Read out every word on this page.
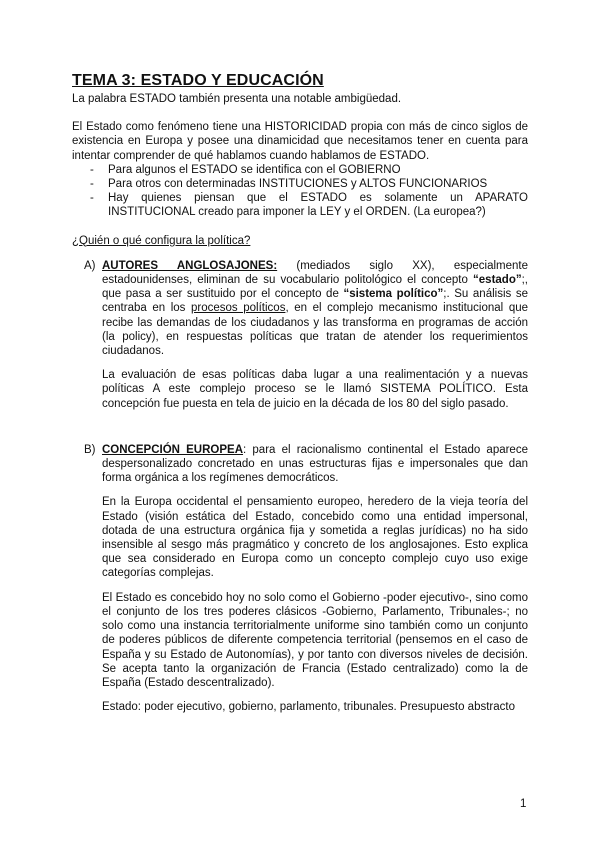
TEMA 3: ESTADO Y EDUCACIÓN

La palabra ESTADO también presenta una notable ambigüedad.

El Estado como fenómeno tiene una HISTORICIDAD propia con más de cinco siglos de existencia en Europa y posee una dinamicidad que necesitamos tener en cuenta para intentar comprender de qué hablamos cuando hablamos de ESTADO.

- Para algunos el ESTADO se identifica con el GOBIERNO
- Para otros con determinadas INSTITUCIONES y ALTOS FUNCIONARIOS
- Hay quienes piensan que el ESTADO es solamente un APARATO INSTITUCIONAL creado para imponer la LEY y el ORDEN. (La europea?)

¿Quién o qué configura la política?

A) AUTORES ANGLOSAJONES: (mediados siglo XX), especialmente estadounidenses, eliminan de su vocabulario politológico el concepto “estado”;, que pasa a ser sustituido por el concepto de “sistema político”;. Su análisis se centraba en los procesos políticos, en el complejo mecanismo institucional que recibe las demandas de los ciudadanos y las transforma en programas de acción (la policy), en respuestas políticas que tratan de atender los requerimientos ciudadanos.

La evaluación de esas políticas daba lugar a una realimentación y a nuevas políticas A este complejo proceso se le llamó SISTEMA POLÍTICO. Esta concepción fue puesta en tela de juicio en la década de los 80 del siglo pasado.

B) CONCEPCIÓN EUROPEA: para el racionalismo continental el Estado aparece despersonalizado concretado en unas estructuras fijas e impersonales que dan forma orgánica a los regímenes democráticos.

En la Europa occidental el pensamiento europeo, heredero de la vieja teoría del Estado (visión estática del Estado, concebido como una entidad impersonal, dotada de una estructura orgánica fija y sometida a reglas jurídicas) no ha sido insensible al sesgo más pragmático y concreto de los anglosajones. Esto explica que sea considerado en Europa como un concepto complejo cuyo uso exige categorías complejas.

El Estado es concebido hoy no solo como el Gobierno -poder ejecutivo-, sino como el conjunto de los tres poderes clásicos -Gobierno, Parlamento, Tribunales-; no solo como una instancia territorialmente uniforme sino también como un conjunto de poderes públicos de diferente competencia territorial (pensemos en el caso de España y su Estado de Autonomías), y por tanto con diversos niveles de decisión. Se acepta tanto la organización de Francia (Estado centralizado) como la de España (Estado descentralizado).

Estado: poder ejecutivo, gobierno, parlamento, tribunales. Presupuesto abstracto

1
